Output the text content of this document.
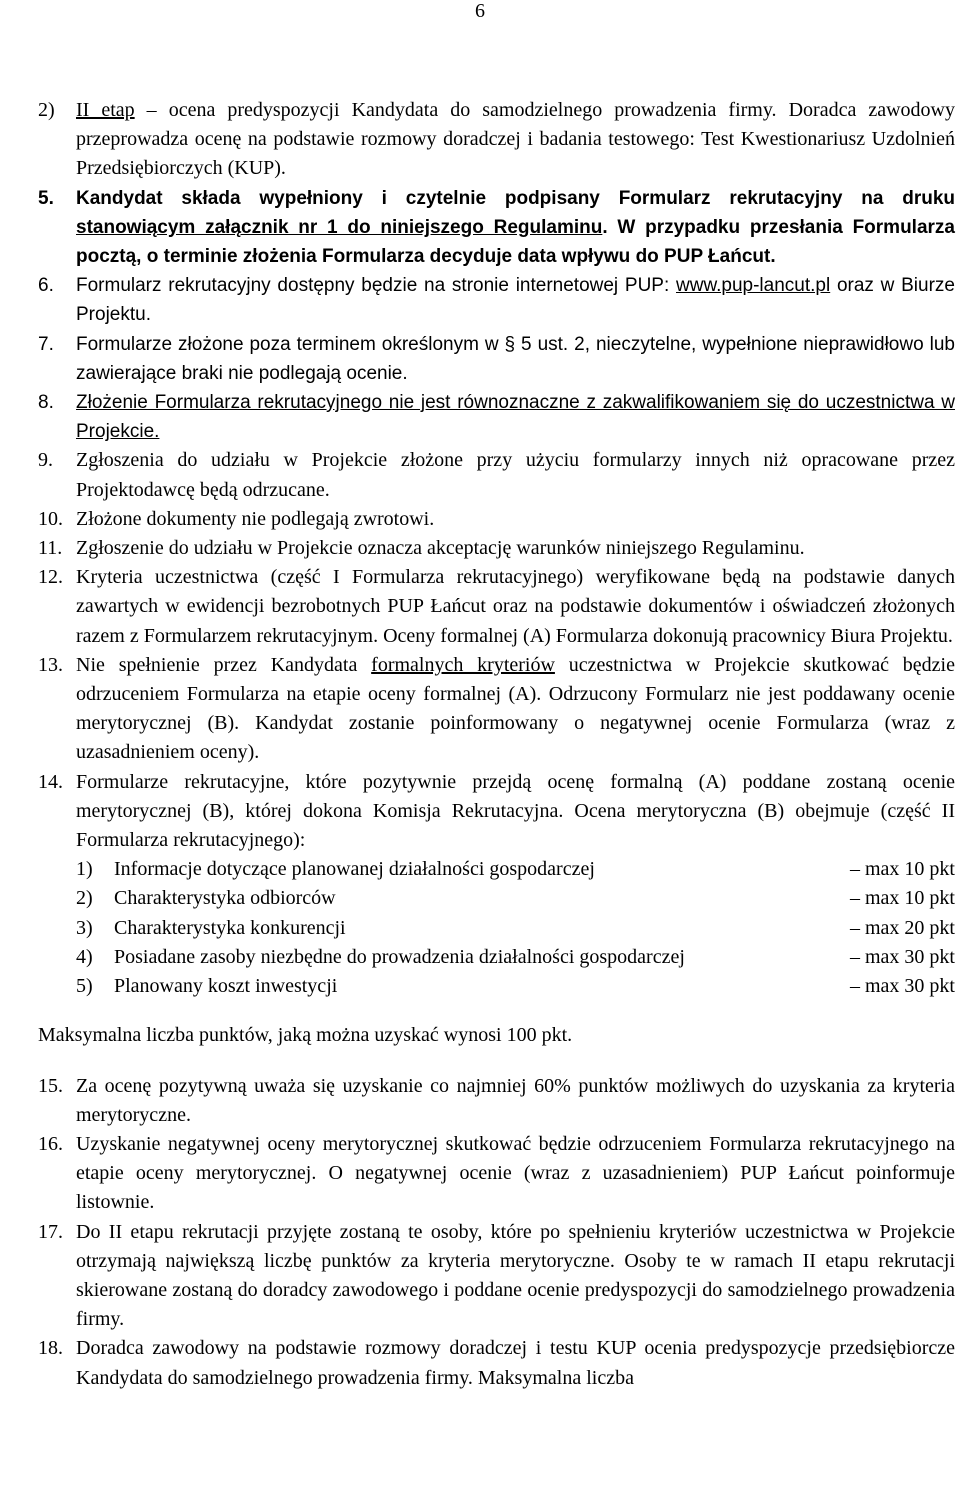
6
2)	II etap – ocena predyspozycji Kandydata do samodzielnego prowadzenia firmy. Doradca zawodowy przeprowadza ocenę na podstawie rozmowy doradczej i badania testowego: Test Kwestionariusz Uzdolnień Przedsiębiorczych (KUP).
5.	Kandydat składa wypełniony i czytelnie podpisany Formularz rekrutacyjny na druku stanowiącym załącznik nr 1 do niniejszego Regulaminu. W przypadku przesłania Formularza pocztą, o terminie złożenia Formularza decyduje data wpływu do PUP Łańcut.
6.	Formularz rekrutacyjny dostępny będzie na stronie internetowej PUP: www.pup-lancut.pl oraz w Biurze Projektu.
7.	Formularze złożone poza terminem określonym w § 5 ust. 2, nieczytelne, wypełnione nieprawidłowo lub zawierające braki nie podlegają ocenie.
8.	Złożenie Formularza rekrutacyjnego nie jest równoznaczne z zakwalifikowaniem się do uczestnictwa w Projekcie.
9.	Zgłoszenia do udziału w Projekcie złożone przy użyciu formularzy innych niż opracowane przez Projektodawcę będą odrzucane.
10. Złożone dokumenty nie podlegają zwrotowi.
11. Zgłoszenie do udziału w Projekcie oznacza akceptację warunków niniejszego Regulaminu.
12. Kryteria uczestnictwa (część I Formularza rekrutacyjnego) weryfikowane będą na podstawie danych zawartych w ewidencji bezrobotnych PUP Łańcut oraz na podstawie dokumentów i oświadczeń złożonych razem z Formularzem rekrutacyjnym. Oceny formalnej (A) Formularza dokonują pracownicy Biura Projektu.
13. Nie spełnienie przez Kandydata formalnych kryteriów uczestnictwa w Projekcie skutkować będzie odrzuceniem Formularza na etapie oceny formalnej (A). Odrzucony Formularz nie jest poddawany ocenie merytorycznej (B). Kandydat zostanie poinformowany o negatywnej ocenie Formularza (wraz z uzasadnieniem oceny).
14. Formularze rekrutacyjne, które pozytywnie przejdą ocenę formalną (A) poddane zostaną ocenie merytorycznej (B), której dokona Komisja Rekrutacyjna. Ocena merytoryczna (B) obejmuje (część II Formularza rekrutacyjnego):
1)	Informacje dotyczące planowanej działalności gospodarczej	– max 10 pkt
2)	Charakterystyka odbiorców	– max 10 pkt
3)	Charakterystyka konkurencji	– max 20 pkt
4)	Posiadane zasoby niezbędne do prowadzenia działalności gospodarczej	– max 30 pkt
5)	Planowany koszt inwestycji	– max 30 pkt
Maksymalna liczba punktów, jaką można uzyskać wynosi 100 pkt.
15. Za ocenę pozytywną uważa się uzyskanie co najmniej 60% punktów możliwych do uzyskania za kryteria merytoryczne.
16. Uzyskanie negatywnej oceny merytorycznej skutkować będzie odrzuceniem Formularza rekrutacyjnego na etapie oceny merytorycznej. O negatywnej ocenie (wraz z uzasadnieniem) PUP Łańcut poinformuje listownie.
17. Do II etapu rekrutacji przyjęte zostaną te osoby, które po spełnieniu kryteriów uczestnictwa w Projekcie otrzymają największą liczbę punktów za kryteria merytoryczne. Osoby te w ramach II etapu rekrutacji skierowane zostaną do doradcy zawodowego i poddane ocenie predyspozycji do samodzielnego prowadzenia firmy.
18. Doradca zawodowy na podstawie rozmowy doradczej i testu KUP ocenia predyspozycje przedsiębiorcze Kandydata do samodzielnego prowadzenia firmy. Maksymalna liczba
